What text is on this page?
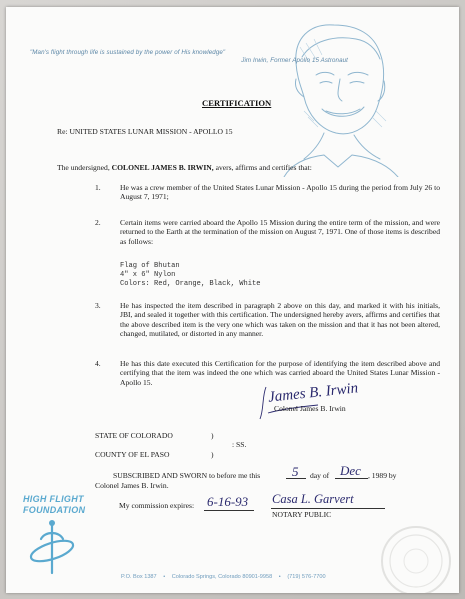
"Man's flight through life is sustained by the power of His knowledge"
Jim Irwin, Former Apollo 15 Astronaut
CERTIFICATION
Re: UNITED STATES LUNAR MISSION - APOLLO 15
The undersigned, COLONEL JAMES B. IRWIN, avers, affirms and certifies that:
1.	He was a crew member of the United States Lunar Mission - Apollo 15 during the period from July 26 to August 7, 1971;
2.	Certain items were carried aboard the Apollo 15 Mission during the entire term of the mission, and were returned to the Earth at the termination of the mission on August 7, 1971. One of those items is described as follows:
Flag of Bhutan
4" x 6" Nylon
Colors: Red, Orange, Black, White
3.	He has inspected the item described in paragraph 2 above on this day, and marked it with his initials, JBI, and sealed it together with this certification. The undersigned hereby avers, affirms and certifies that the above described item is the very one which was taken on the mission and that it has not been altered, changed, mutilated, or distorted in any manner.
4.	He has this date executed this Certification for the purpose of identifying the item described above and certifying that the item was indeed the one which was carried aboard the United States Lunar Mission - Apollo 15.	James B. Irwin
Colonel James B. Irwin
STATE OF COLORADO	)
: SS.
COUNTY OF EL PASO	)
SUBSCRIBED AND SWORN to before me this 5 day of Dec , 1989 by
Colonel James B. Irwin.
My commission expires: 6-16-93 Casa L. Garvert
NOTARY PUBLIC
HIGH FLIGHT
FOUNDATION
P.O. Box 1387 • Colorado Springs, Colorado 80901-9958 • (719) 576-7700
